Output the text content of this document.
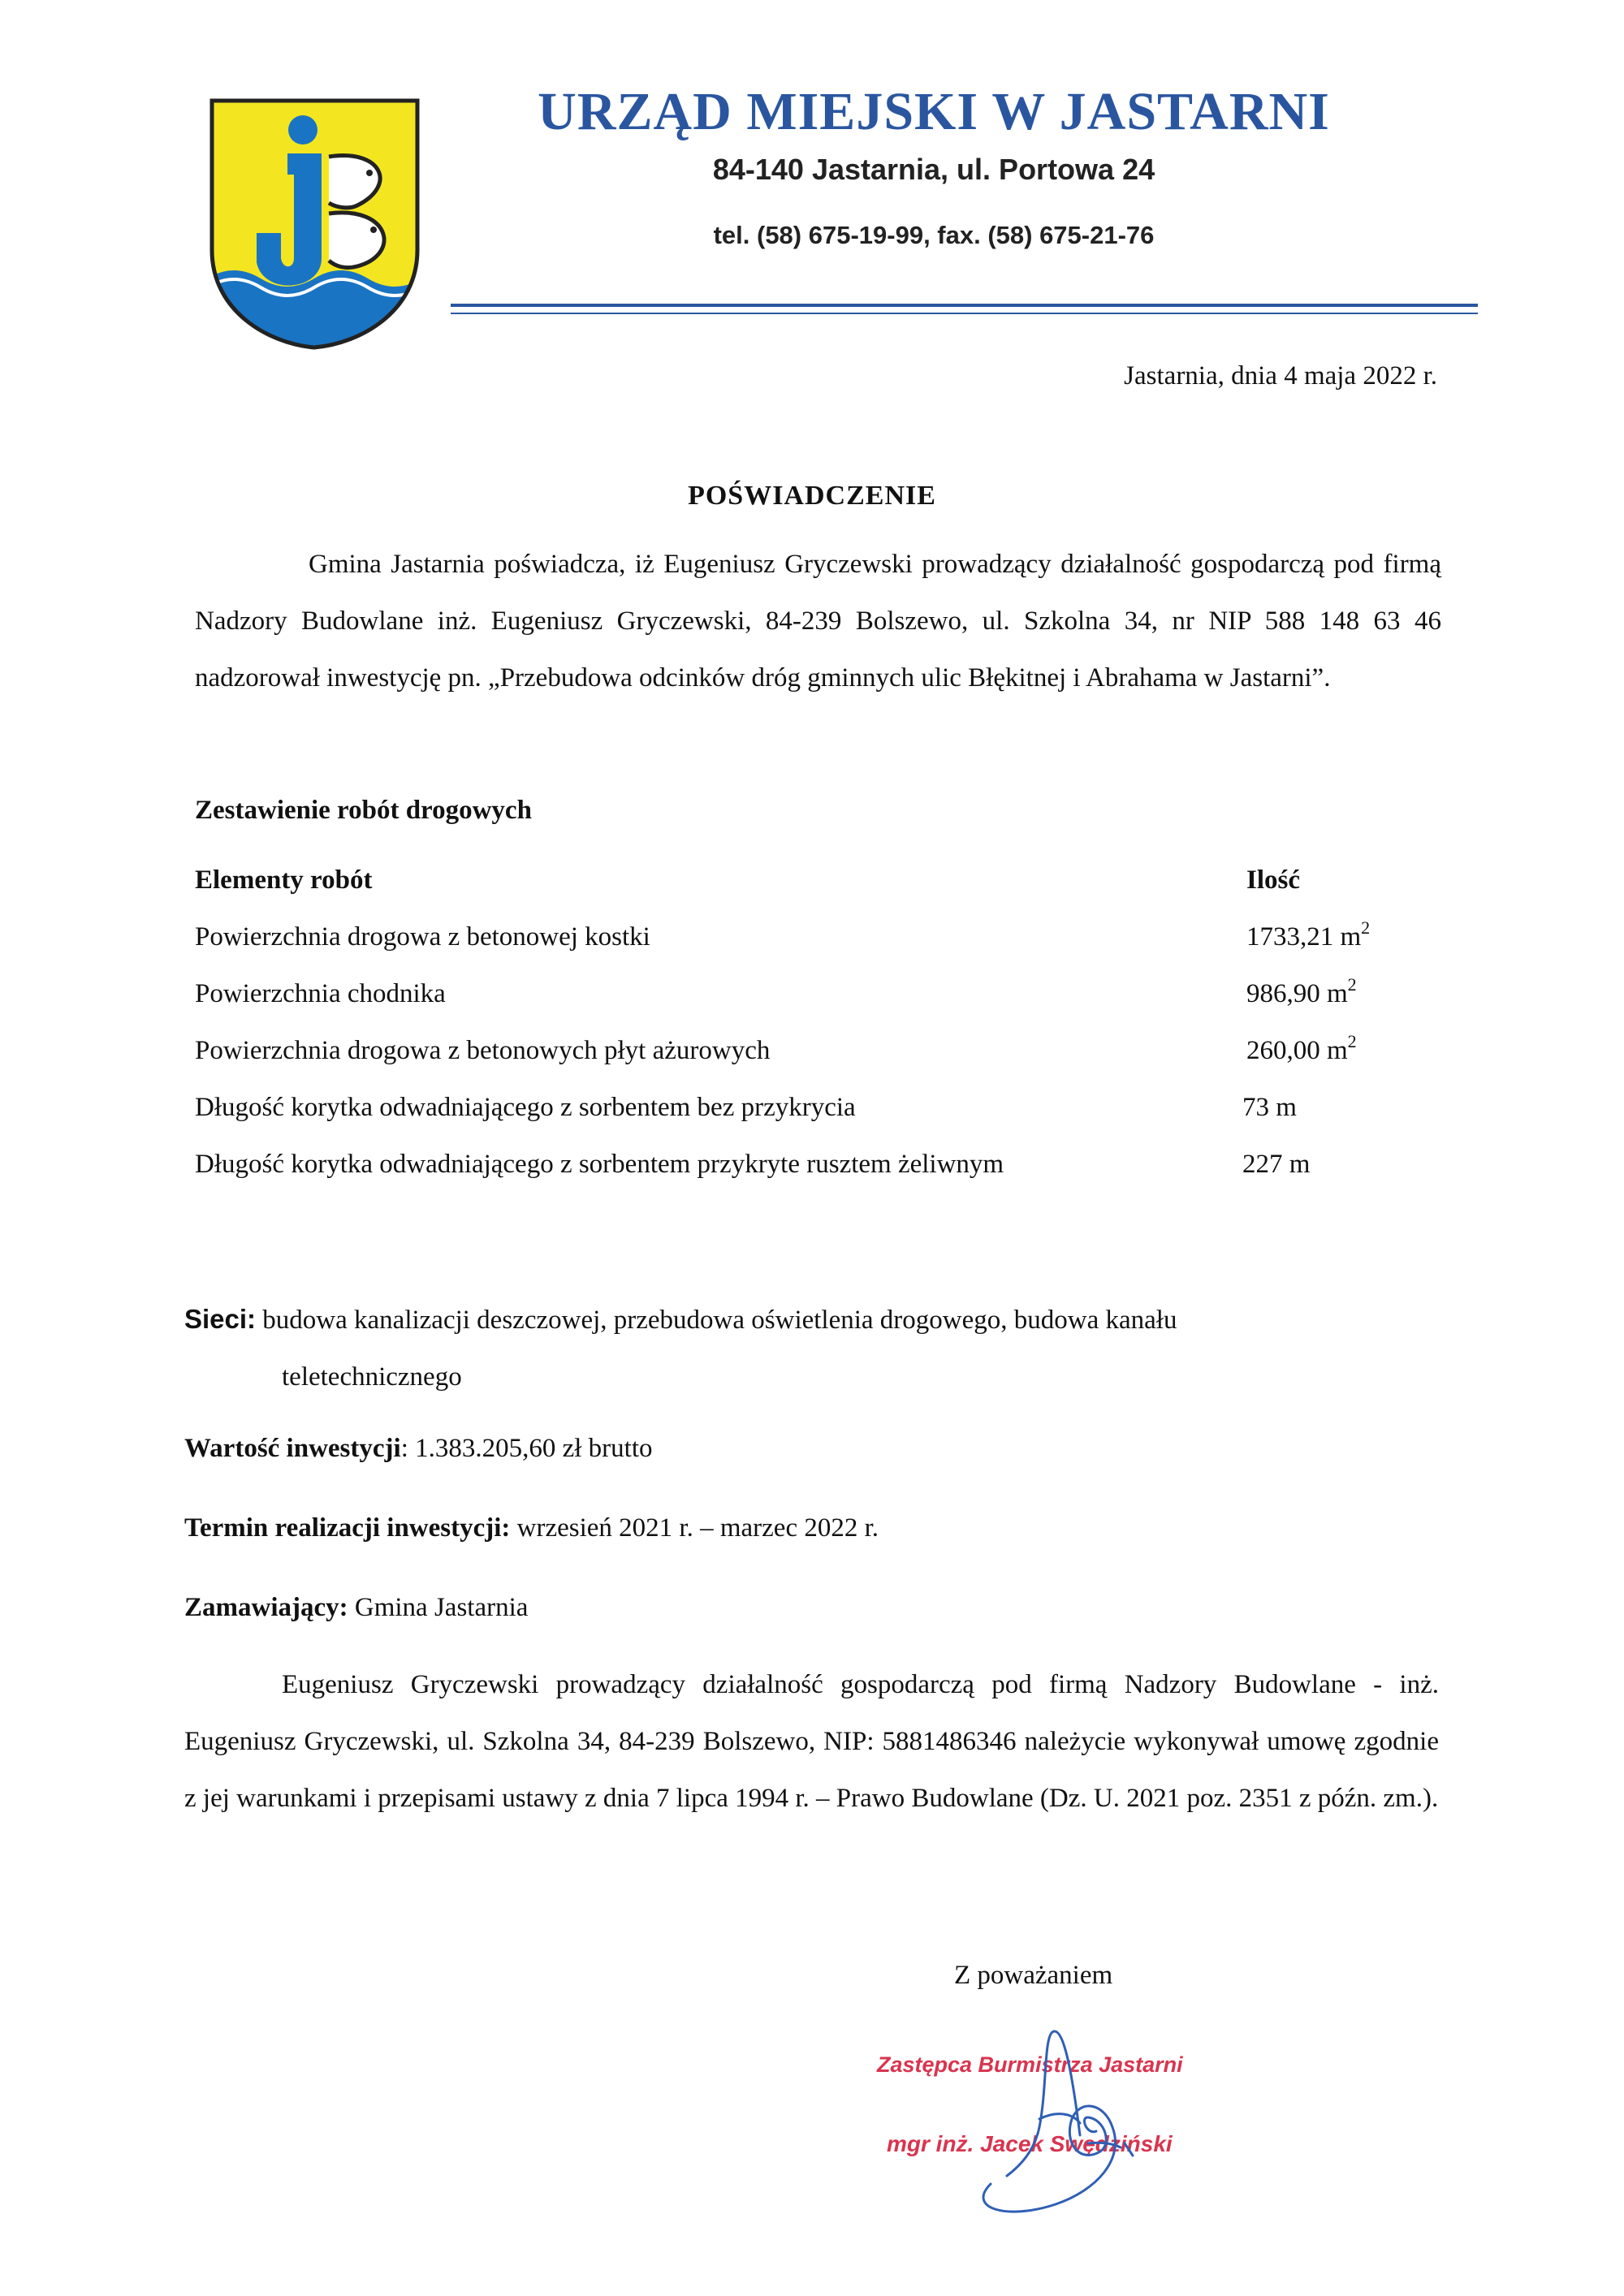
URZĄD MIEJSKI W JASTARNI
84-140 Jastarnia, ul. Portowa 24
tel. (58) 675-19-99, fax. (58) 675-21-76
Jastarnia, dnia 4 maja 2022 r.
POŚWIADCZENIE
Gmina Jastarnia poświadcza, iż Eugeniusz Gryczewski prowadzący działalność gospodarczą pod firmą Nadzory Budowlane inż. Eugeniusz Gryczewski, 84-239 Bolszewo, ul. Szkolna 34, nr NIP 588 148 63 46 nadzorował inwestycję pn. „Przebudowa odcinków dróg gminnych ulic Błękitnej i Abrahama w Jastarni”.
Zestawienie robót drogowych
Elementy robót	Ilość
Powierzchnia drogowa z betonowej kostki	1733,21 $m^2$
Powierzchnia chodnika	986,90 $m^2$
Powierzchnia drogowa z betonowych płyt ażurowych	260,00 $m^2$
Długość korytka odwadniającego z sorbentem bez przykrycia	73 m
Długość korytka odwadniającego z sorbentem przykryte rusztem żeliwnym	227 m
Sieci: budowa kanalizacji deszczowej, przebudowa oświetlenia drogowego, budowa kanału
teletechnicznego
Wartość inwestycji: 1.383.205,60 zł brutto
Termin realizacji inwestycji: wrzesień 2021 r. – marzec 2022 r.
Zamawiający: Gmina Jastarnia
Eugeniusz Gryczewski prowadzący działalność gospodarczą pod firmą Nadzory Budowlane - inż. Eugeniusz Gryczewski, ul. Szkolna 34, 84-239 Bolszewo, NIP: 5881486346 należycie wykonywał umowę zgodnie z jej warunkami i przepisami ustawy z dnia 7 lipca 1994 r. – Prawo Budowlane (Dz. U. 2021 poz. 2351 z późn. zm.).
Z poważaniem
Zastępca Burmistrza Jastarni
mgr inż. Jacek Swędziński
